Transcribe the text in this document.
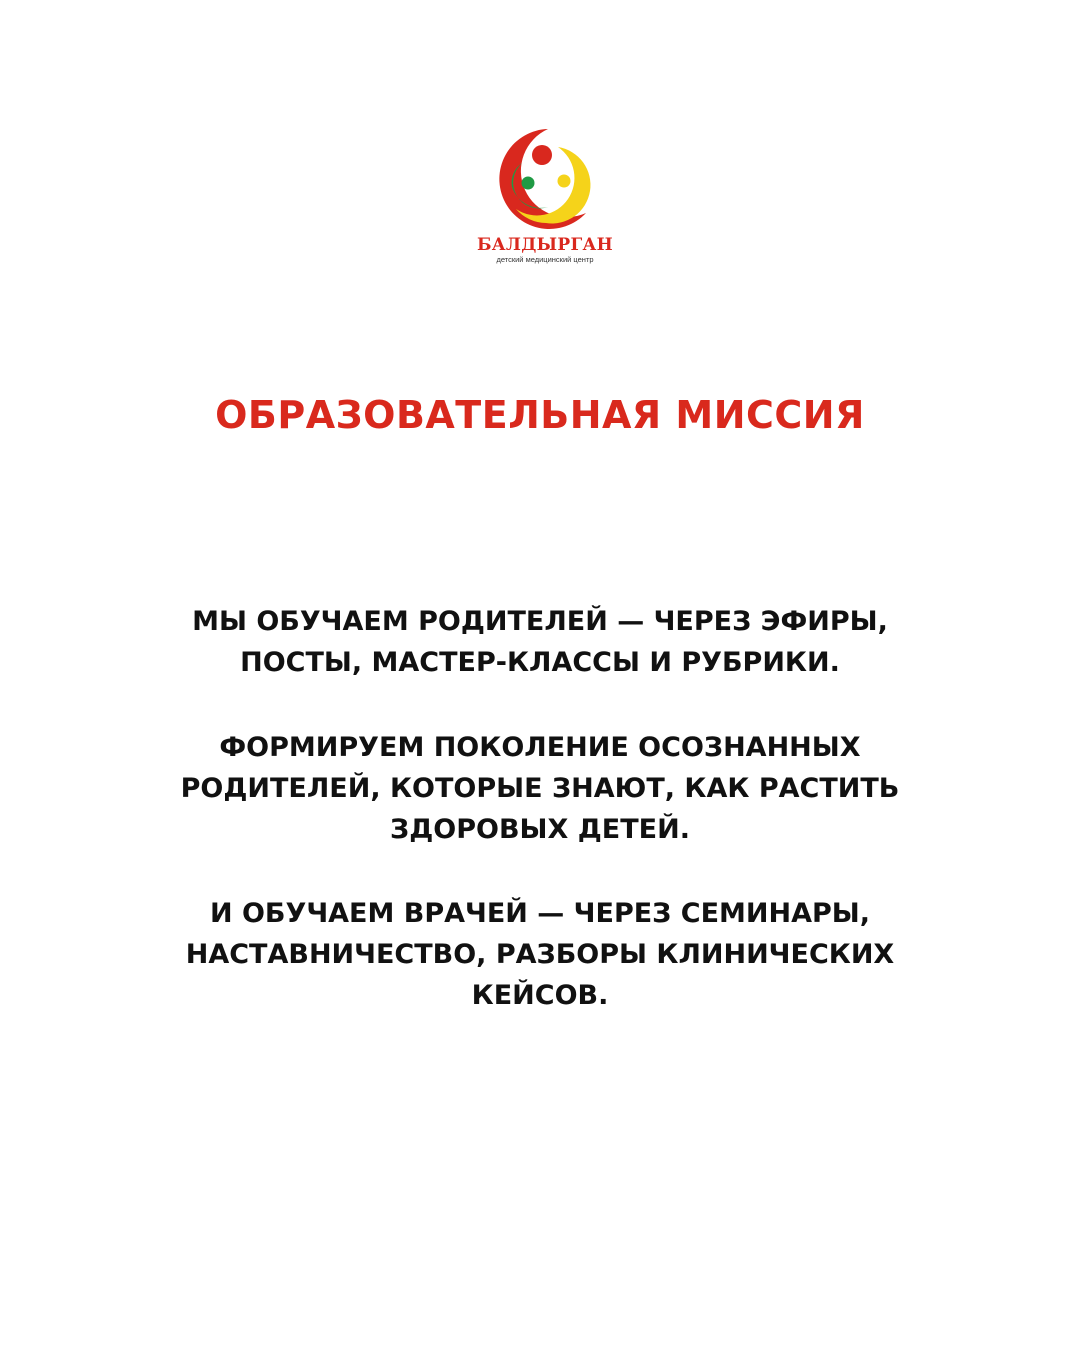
БАЛДЫРГАН
детский медицинский центр
ОБРАЗОВАТЕЛЬНАЯ МИССИЯ
МЫ ОБУЧАЕМ РОДИТЕЛЕЙ — ЧЕРЕЗ ЭФИРЫ,
ПОСТЫ, МАСТЕР-КЛАССЫ И РУБРИКИ.
ФОРМИРУЕМ ПОКОЛЕНИЕ ОСОЗНАННЫХ
РОДИТЕЛЕЙ, КОТОРЫЕ ЗНАЮТ, КАК РАСТИТЬ
ЗДОРОВЫХ ДЕТЕЙ.
И ОБУЧАЕМ ВРАЧЕЙ — ЧЕРЕЗ СЕМИНАРЫ,
НАСТАВНИЧЕСТВО, РАЗБОРЫ КЛИНИЧЕСКИХ
КЕЙСОВ.
